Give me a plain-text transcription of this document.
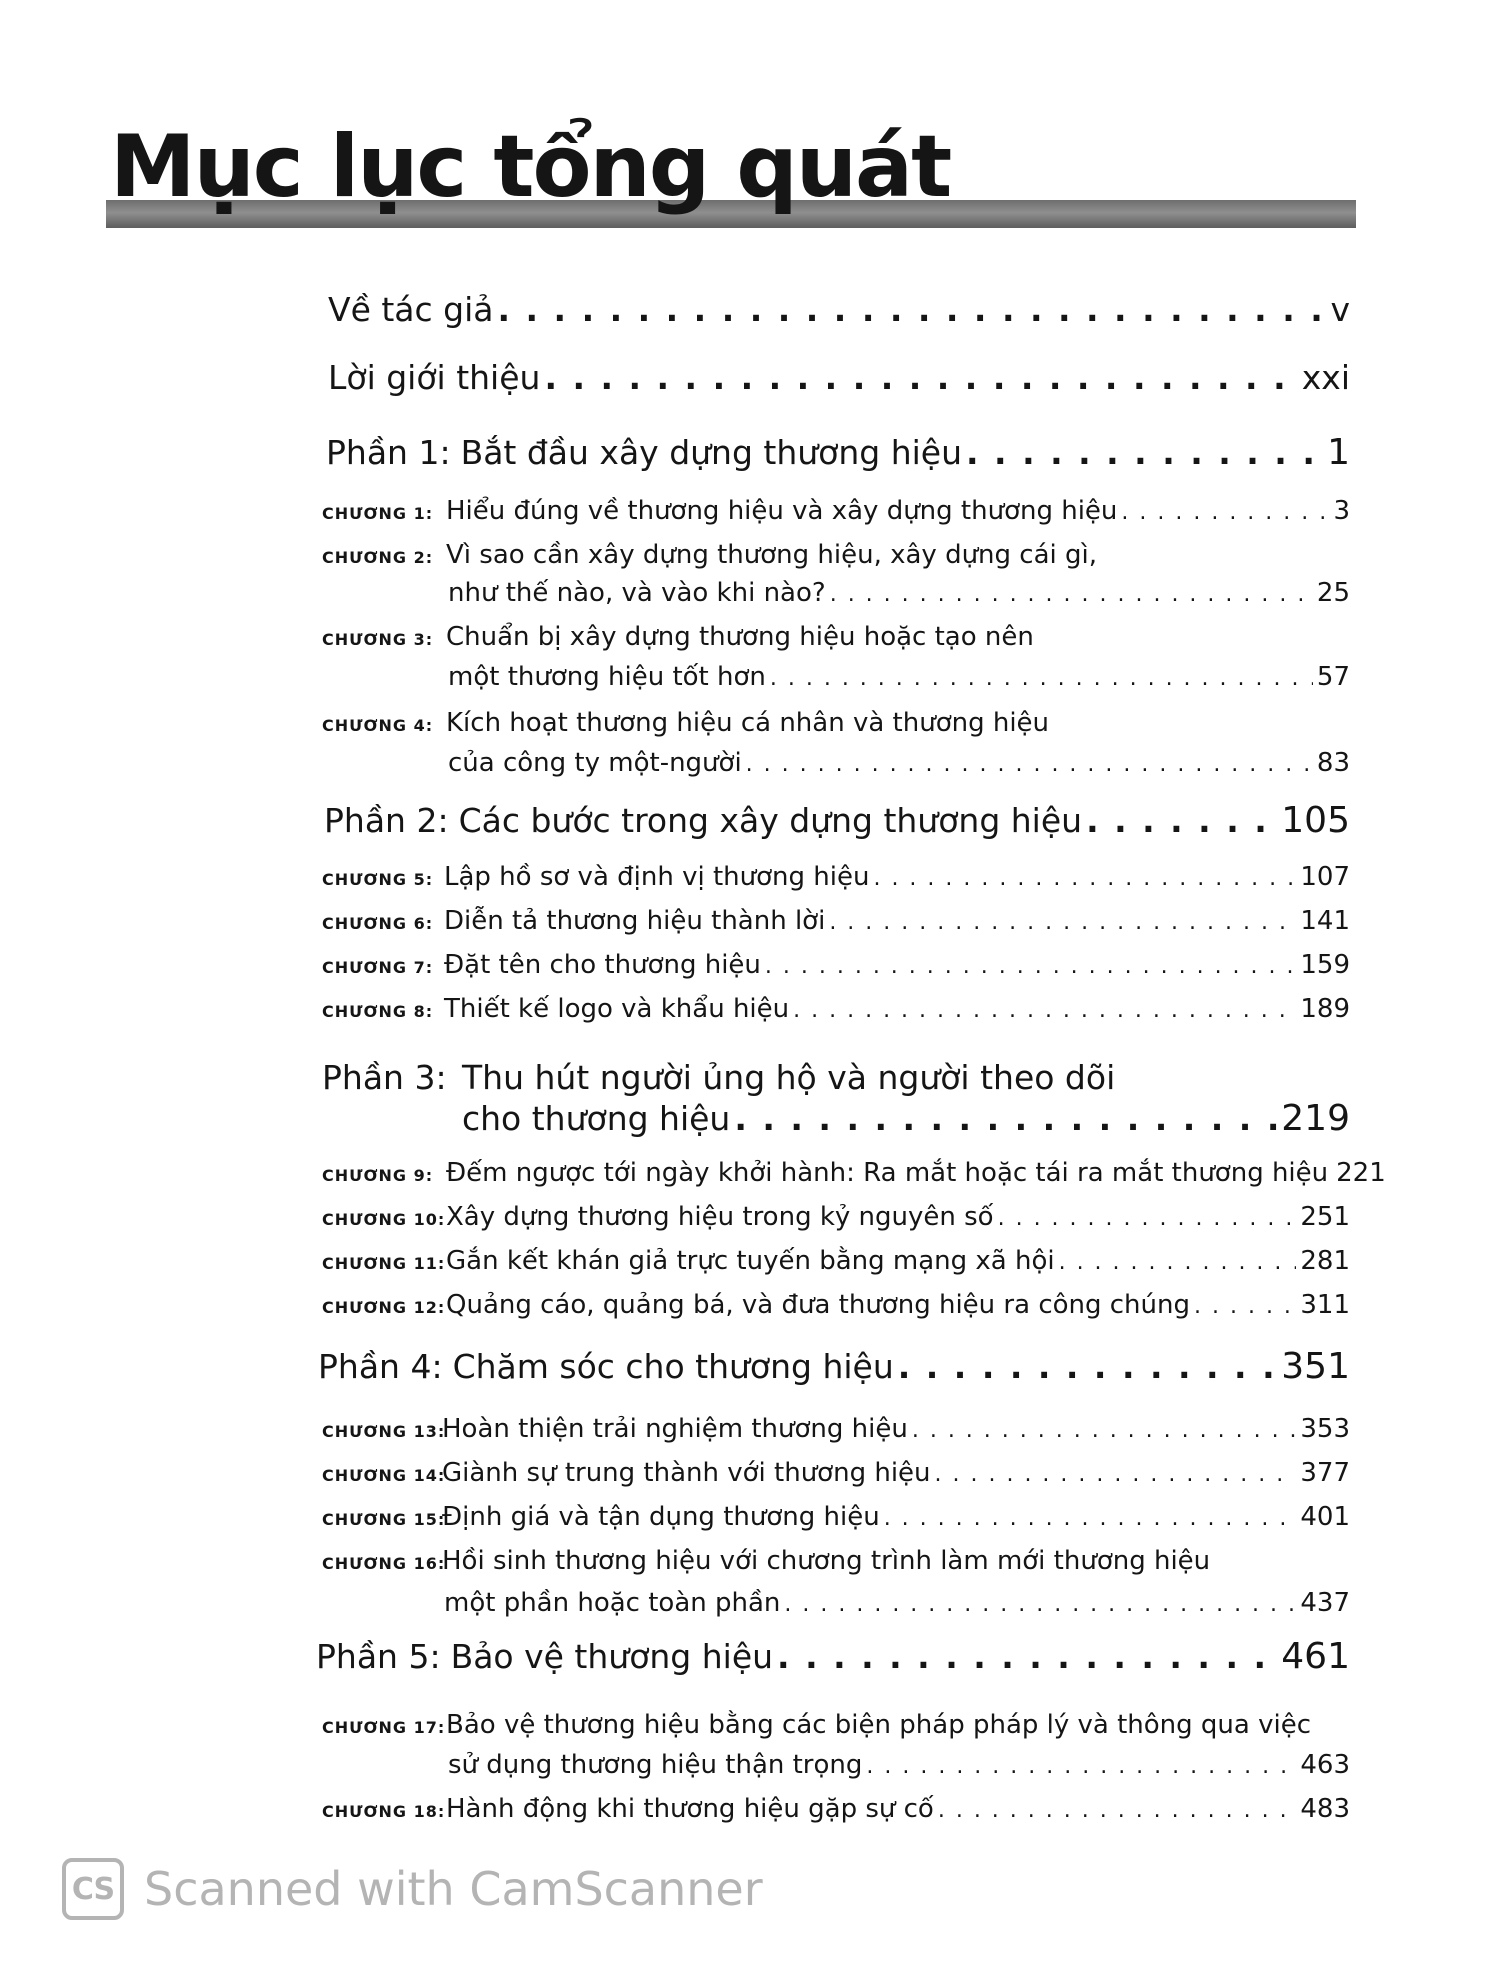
Mục lục tổng quát
Về tác giả . . .	v
Lời giới thiệu . . .	xxi
Phần 1: Bắt đầu xây dựng thương hiệu . . .	1
CHƯƠNG 1: Hiểu đúng về thương hiệu và xây dựng thương hiệu . . .	3
CHƯƠNG 2: Vì sao cần xây dựng thương hiệu, xây dựng cái gì,
như thế nào, và vào khi nào? . . .	25
CHƯƠNG 3: Chuẩn bị xây dựng thương hiệu hoặc tạo nên
một thương hiệu tốt hơn . . .	57
CHƯƠNG 4: Kích hoạt thương hiệu cá nhân và thương hiệu
của công ty một-người . . .	83
Phần 2: Các bước trong xây dựng thương hiệu . . .	105
CHƯƠNG 5: Lập hồ sơ và định vị thương hiệu . . .	107
CHƯƠNG 6: Diễn tả thương hiệu thành lời . . .	141
CHƯƠNG 7: Đặt tên cho thương hiệu . . .	159
CHƯƠNG 8: Thiết kế logo và khẩu hiệu . . .	189
Phần 3: Thu hút người ủng hộ và người theo dõi
cho thương hiệu . . .	219
CHƯƠNG 9: Đếm ngược tới ngày khởi hành: Ra mắt hoặc tái ra mắt thương hiệu 221
CHƯƠNG 10: Xây dựng thương hiệu trong kỷ nguyên số . . .	251
CHƯƠNG 11: Gắn kết khán giả trực tuyến bằng mạng xã hội . . .	281
CHƯƠNG 12: Quảng cáo, quảng bá, và đưa thương hiệu ra công chúng . . .	311
Phần 4: Chăm sóc cho thương hiệu . . .	351
CHƯƠNG 13:
Hoàn thiện trải nghiệm thương hiệu . . .	353
CHƯƠNG 14:
Giành sự trung thành với thương hiệu . . .	377
CHƯƠNG 15:
Định giá và tận dụng thương hiệu . . .	401
CHƯƠNG 16:
Hồi sinh thương hiệu với chương trình làm mới thương hiệu
một phần hoặc toàn phần . . .	437
Phần 5: Bảo vệ thương hiệu . . .	461
CHƯƠNG 17: Bảo vệ thương hiệu bằng các biện pháp pháp lý và thông qua việc
sử dụng thương hiệu thận trọng . . .	463
CHƯƠNG 18: Hành động khi thương hiệu gặp sự cố . . .	483
CS Scanned with CamScanner
